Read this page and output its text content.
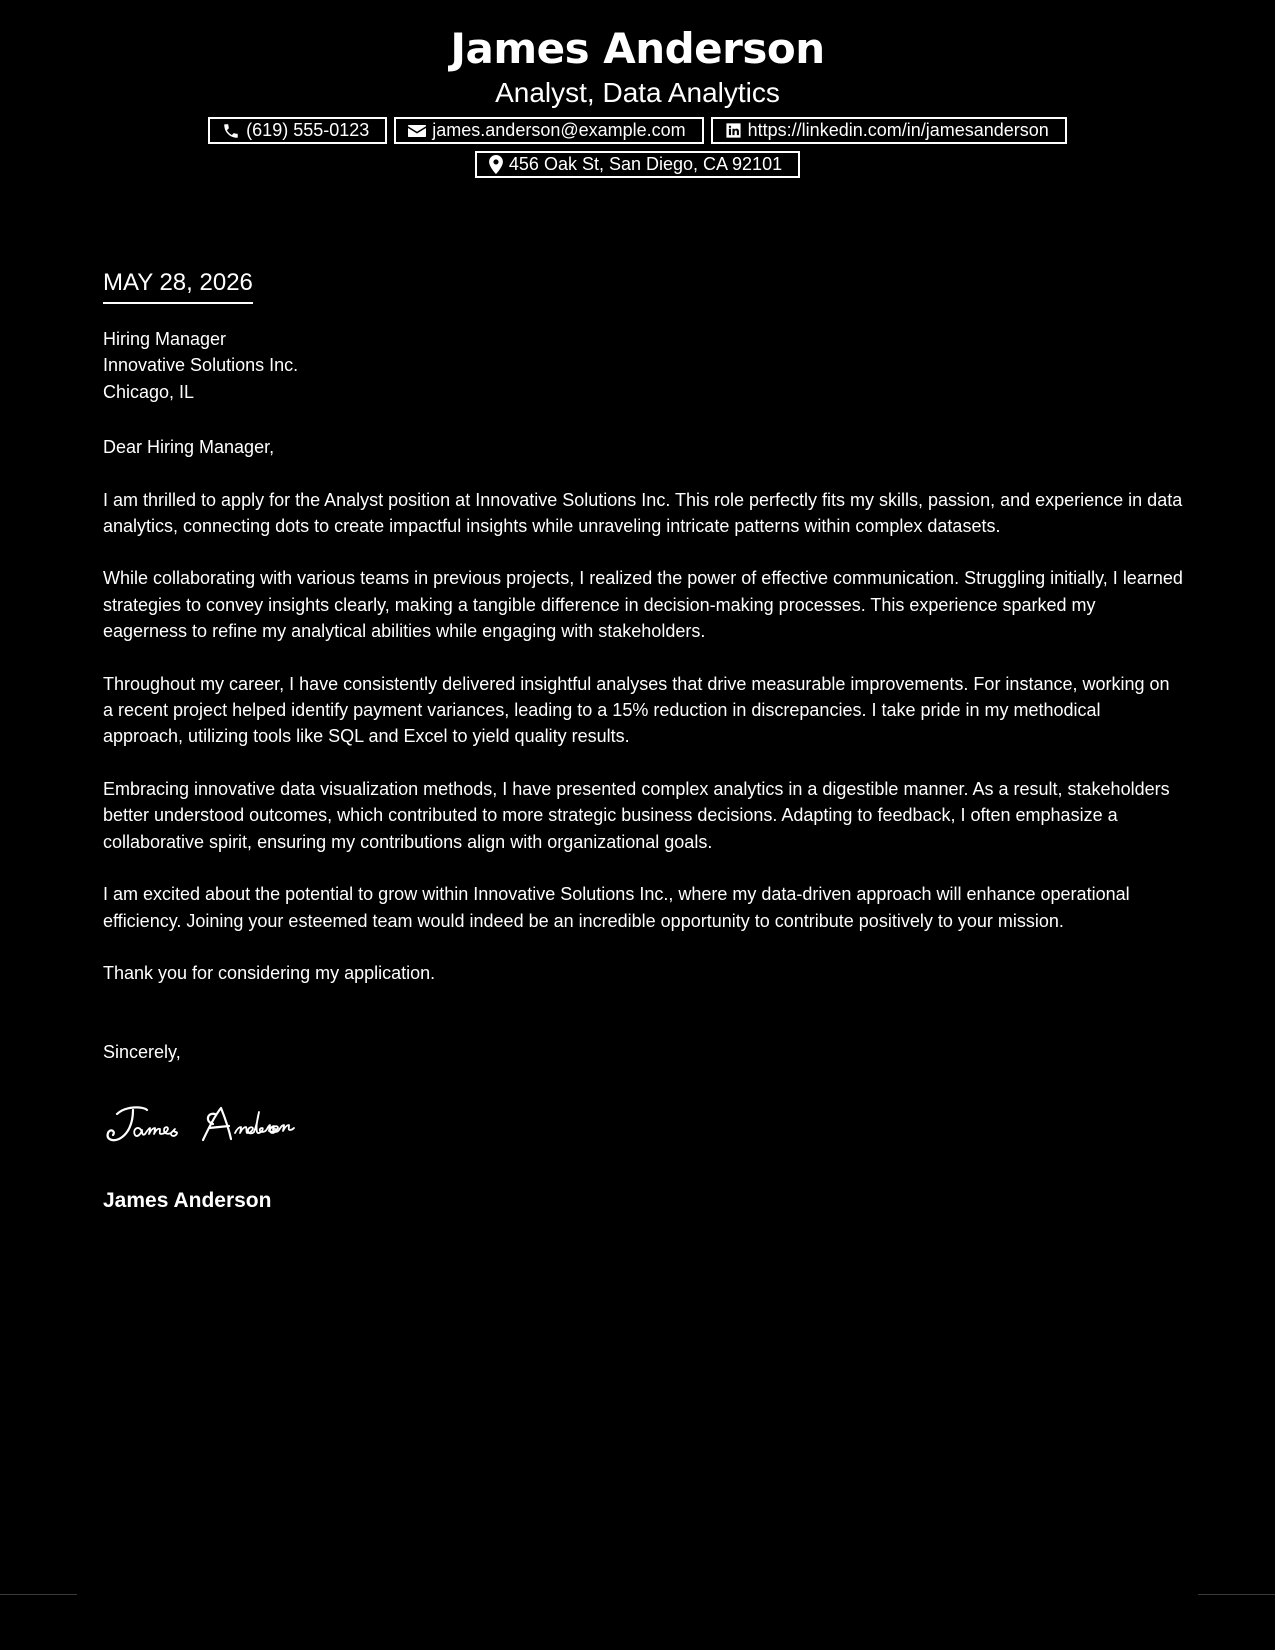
James Anderson
Analyst, Data Analytics
(619) 555-0123	james.anderson@example.com	https://linkedin.com/in/jamesanderson
456 Oak St, San Diego, CA 92101
MAY 28, 2026

Hiring Manager

Innovative Solutions Inc.

Chicago, IL

Dear Hiring Manager,

I am thrilled to apply for the Analyst position at Innovative Solutions Inc. This role perfectly fits my skills, passion, and experience in data analytics, connecting dots to create impactful insights while unraveling intricate patterns within complex datasets.

While collaborating with various teams in previous projects, I realized the power of effective communication. Struggling initially, I learned strategies to convey insights clearly, making a tangible difference in decision-making processes. This experience sparked my eagerness to refine my analytical abilities while engaging with stakeholders.

Throughout my career, I have consistently delivered insightful analyses that drive measurable improvements. For instance, working on a recent project helped identify payment variances, leading to a 15% reduction in discrepancies. I take pride in my methodical approach, utilizing tools like SQL and Excel to yield quality results.

Embracing innovative data visualization methods, I have presented complex analytics in a digestible manner. As a result, stakeholders better understood outcomes, which contributed to more strategic business decisions. Adapting to feedback, I often emphasize a collaborative spirit, ensuring my contributions align with organizational goals.

I am excited about the potential to grow within Innovative Solutions Inc., where my data-driven approach will enhance operational efficiency. Joining your esteemed team would indeed be an incredible opportunity to contribute positively to your mission.

Thank you for considering my application.

Sincerely,

James Anderson
